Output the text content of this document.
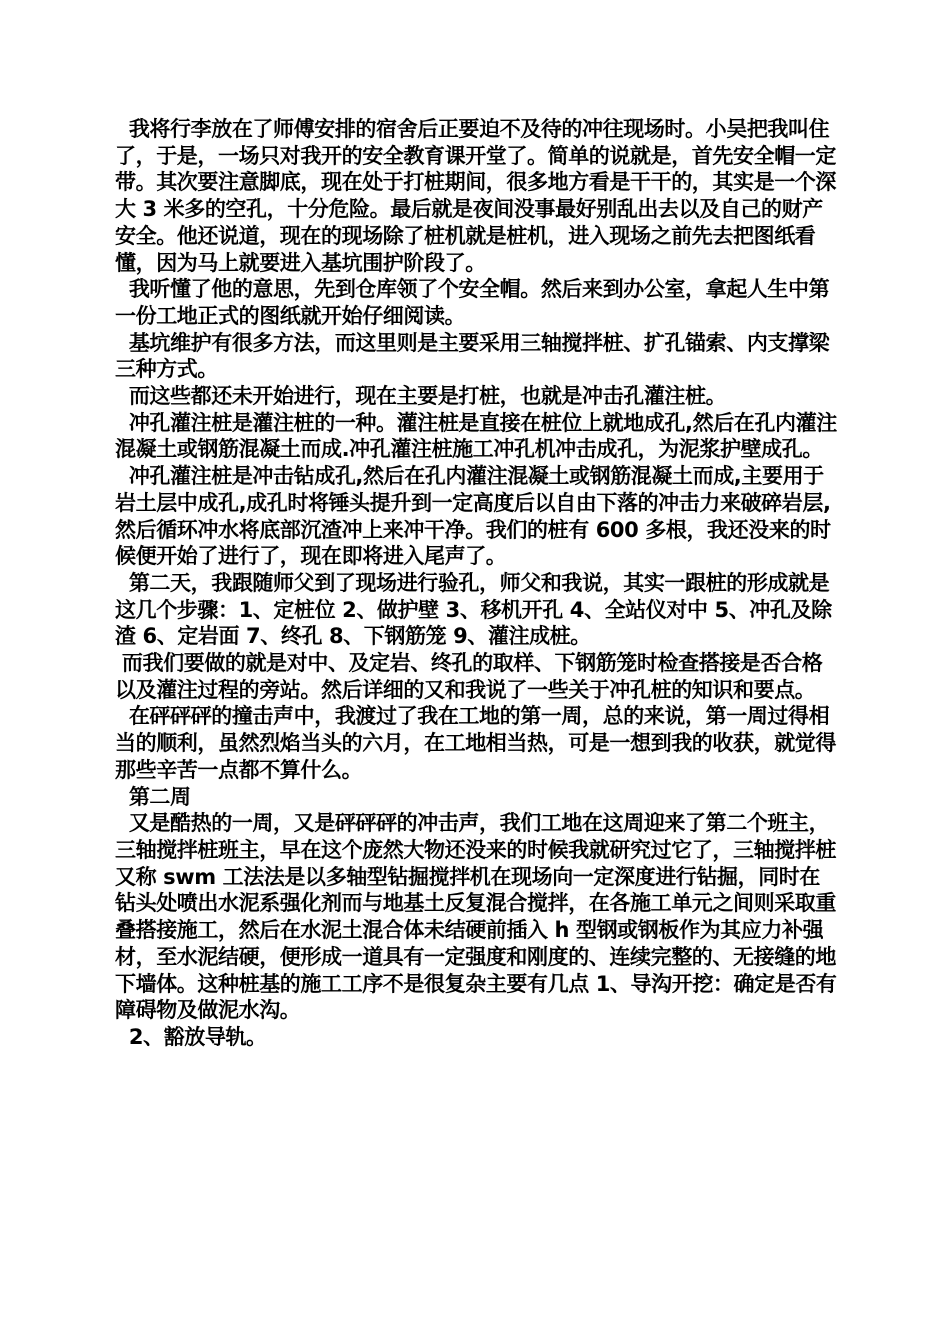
我将行李放在了师傅安排的宿舍后正要迫不及待的冲往现场时。小吴把我叫住了，于是，一场只对我开的安全教育课开堂了。简单的说就是，首先安全帽一定带。其次要注意脚底，现在处于打桩期间，很多地方看是干干的，其实是一个深大 3 米多的空孔，十分危险。最后就是夜间没事最好别乱出去以及自己的财产安全。他还说道，现在的现场除了桩机就是桩机，进入现场之前先去把图纸看懂，因为马上就要进入基坑围护阶段了。

我听懂了他的意思，先到仓库领了个安全帽。然后来到办公室，拿起人生中第一份工地正式的图纸就开始仔细阅读。

基坑维护有很多方法，而这里则是主要采用三轴搅拌桩、扩孔锚索、内支撑梁三种方式。

而这些都还未开始进行，现在主要是打桩，也就是冲击孔灌注桩。

冲孔灌注桩是灌注桩的一种。灌注桩是直接在桩位上就地成孔,然后在孔内灌注混凝土或钢筋混凝土而成.冲孔灌注桩施工冲孔机冲击成孔，为泥浆护壁成孔。

冲孔灌注桩是冲击钻成孔,然后在孔内灌注混凝土或钢筋混凝土而成,主要用于岩土层中成孔,成孔时将锤头提升到一定高度后以自由下落的冲击力来破碎岩层,然后循环冲水将底部沉渣冲上来冲干净。我们的桩有 600 多根，我还没来的时候便开始了进行了，现在即将进入尾声了。

第二天，我跟随师父到了现场进行验孔，师父和我说，其实一跟桩的形成就是这几个步骤：1、定桩位 2、做护壁 3、移机开孔 4、全站仪对中 5、冲孔及除渣 6、定岩面 7、终孔 8、下钢筋笼 9、灌注成桩。

而我们要做的就是对中、及定岩、终孔的取样、下钢筋笼时检查搭接是否合格以及灌注过程的旁站。然后详细的又和我说了一些关于冲孔桩的知识和要点。

在砰砰砰的撞击声中，我渡过了我在工地的第一周，总的来说，第一周过得相当的顺利，虽然烈焰当头的六月，在工地相当热，可是一想到我的收获，就觉得那些辛苦一点都不算什么。

第二周

又是酷热的一周，又是砰砰砰的冲击声，我们工地在这周迎来了第二个班主，三轴搅拌桩班主，早在这个庞然大物还没来的时候我就研究过它了，三轴搅拌桩又称 swm 工法法是以多轴型钻掘搅拌机在现场向一定深度进行钻掘，同时在钻头处喷出水泥系强化剂而与地基土反复混合搅拌，在各施工单元之间则采取重叠搭接施工，然后在水泥土混合体未结硬前插入 h 型钢或钢板作为其应力补强材，至水泥结硬，便形成一道具有一定强度和刚度的、连续完整的、无接缝的地下墙体。这种桩基的施工工序不是很复杂主要有几点 1、导沟开挖：确定是否有障碍物及做泥水沟。

2、豁放导轨。
